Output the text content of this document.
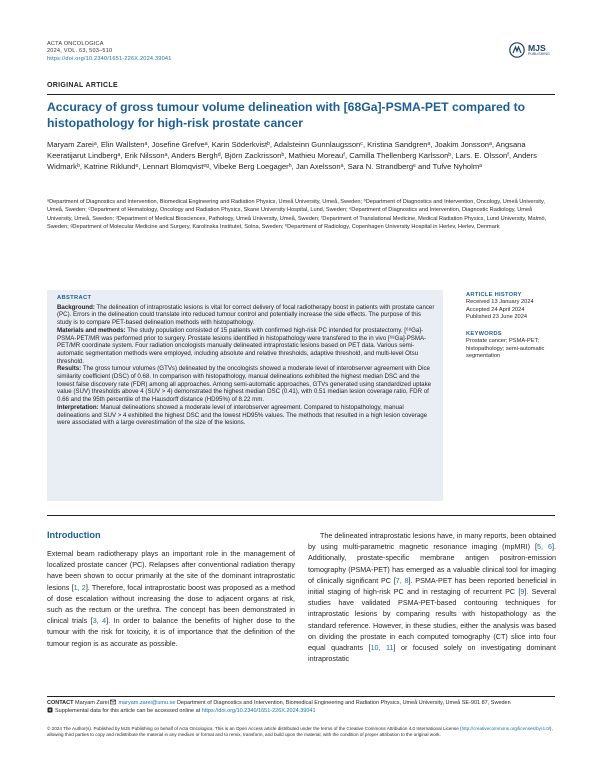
ACTA ONCOLOGICA
2024, VOL. 63, 503–510
https://doi.org/10.2340/1651-226X.2024.39041
MJS
PUBLISHING
ORIGINAL ARTICLE
Accuracy of gross tumour volume delineation with [68Ga]-PSMA-PET compared to histopathology for high-risk prostate cancer
Maryam Zareiᵃ, Elin Wallstenᵃ, Josefine Grefveᵃ, Karin Söderkvistᵇ, Adalsteinn Gunnlaugssonᶜ, Kristina Sandgrenᵃ, Joakim Jonssonᵃ, Angsana Keeratijarut Lindbergᵃ, Erik Nilssonᵃ, Anders Berghᵈ, Björn Zackrissonᵇ, Mathieu Moreauᶠ, Camilla Thellenberg Karlssonᵇ, Lars. E. Olssonᶠ, Anders Widmarkᵇ, Katrine Riklundᵉ, Lennart Blomqvistᵉᵍ, Vibeke Berg Loegagerʰ, Jan Axelssonᵃ, Sara N. Strandbergᵉ and Tufve Nyholmᵃ
ᵃDepartment of Diagnostics and Intervention, Biomedical Engineering and Radiation Physics, Umeå University, Umeå, Sweden; ᵇDepartment of Diagnostics and Intervention, Oncology, Umeå University, Umeå, Sweden; ᶜDepartment of Hematology, Oncology and Radiation Physics, Skane University Hospital, Lund, Sweden; ᵉDepartment of Diagnostics and Intervention, Diagnostic Radiology, Umeå University, Umeå, Sweden; ᵈDepartment of Medical Biosciences, Pathology, Umeå University, Umeå, Sweden; ᶠDepartment of Translational Medicine, Medical Radiation Physics, Lund University, Malmö, Sweden; ᵍDepartment of Molecular Medicine and Surgery, Karolinska Institutet, Solna, Sweden; ʰDepartment of Radiology, Copenhagen University Hospital in Herlev, Herlev, Denmark
ABSTRACT

Background: The delineation of intraprostatic lesions is vital for correct delivery of focal radiotherapy boost in patients with prostate cancer (PC). Errors in the delineation could translate into reduced tumour control and potentially increase the side effects. The purpose of this study is to compare PET-based delineation methods with histopathology.

Materials and methods: The study population consisted of 15 patients with confirmed high-risk PC intended for prostatectomy. [⁶⁸Ga]-PSMA-PET/MR was performed prior to surgery. Prostate lesions identified in histopathology were transfered to the in vivo [⁶⁸Ga]-PSMA-PET/MR coordinate system. Four radiation oncologists manually delineated intraprostatic lesions based on PET data. Various semi-automatic segmentation methods were employed, including absolute and relative thresholds, adaptive threshold, and multi-level Otsu threshold.

Results: The gross tumour volumes (GTVs) delineated by the oncologists showed a moderate level of interobserver agreement with Dice similarity coefficient (DSC) of 0.68. In comparison with histopathology, manual delineations exhibited the highest median DSC and the lowest false discovery rate (FDR) among all approaches. Among semi-automatic approaches, GTVs generated using standardized uptake value (SUV) thresholds above 4 (SUV > 4) demonstrated the highest median DSC (0.41), with 0.51 median lesion coverage ratio, FDR of 0.66 and the 95th percentile of the Hausdorff distance (HD95%) of 8.22 mm.

Interpretation: Manual delineations showed a moderate level of interobserver agreement. Compared to histopathology, manual delineations and SUV > 4 exhibited the highest DSC and the lowest HD95% values. The methods that resulted in a high lesion coverage were associated with a large overestimation of the size of the lesions.

ARTICLE HISTORY
Received 13 January 2024
Accepted 24 April 2024
Published 23 June 2024
KEYWORDS
Prostate cancer; PSMA-PET; histopathology; semi-automatic segmentation
Introduction

External beam radiotherapy plays an important role in the management of localized prostate cancer (PC). Relapses after conventional radiation therapy have been shown to occur primarily at the site of the dominant intraprostatic lesions [1, 2]. Therefore, focal intraprostatic boost was proposed as a method of dose escalation without increasing the dose to adjacent organs at risk, such as the rectum or the urethra. The concept has been demonstrated in clinical trials [3, 4]. In order to balance the benefits of higher dose to the tumour with the risk for toxicity, it is of importance that the definition of the tumour region is as accurate as possible.

The delineated intraprostatic lesions have, in many reports, been obtained by using multi-parametric magnetic resonance imaging (mpMRI) [5, 6]. Additionally, prostate-specific membrane antigen positron-emission tomography (PSMA-PET) has emerged as a valuable clinical tool for imaging of clinically significant PC [7, 8]. PSMA-PET has been reported beneficial in initial staging of high-risk PC and in restaging of recurrent PC [9]. Several studies have validated PSMA-PET-based contouring techniques for intraprostatic lesions by comparing results with histopathology as the standard reference. However, in these studies, either the analysis was based on dividing the prostate in each computed tomography (CT) slice into four equal quadrants [10, 11] or focused solely on investigating dominant intraprostatic

CONTACT Maryam Zarei maryam.zarei@umu.se Department of Diagnostics and Intervention, Biomedical Engineering and Radiation Physics, Umeå University, Umeå SE-901 87, Sweden
Supplemental data for this article can be accessed online at https://doi.org/10.2340/1651-226X.2024.39041
© 2024 The Author(s). Published by MJS Publishing on behalf of Acta Oncologica. This is an Open Access article distributed under the terms of the Creative Commons Attribution 4.0 International License (http://creativecommons.org/licenses/by/4.0/), allowing third parties to copy and redistribute the material in any medium or format and to remix, transform, and build upon the material, with the condition of proper attribution to the original work.
